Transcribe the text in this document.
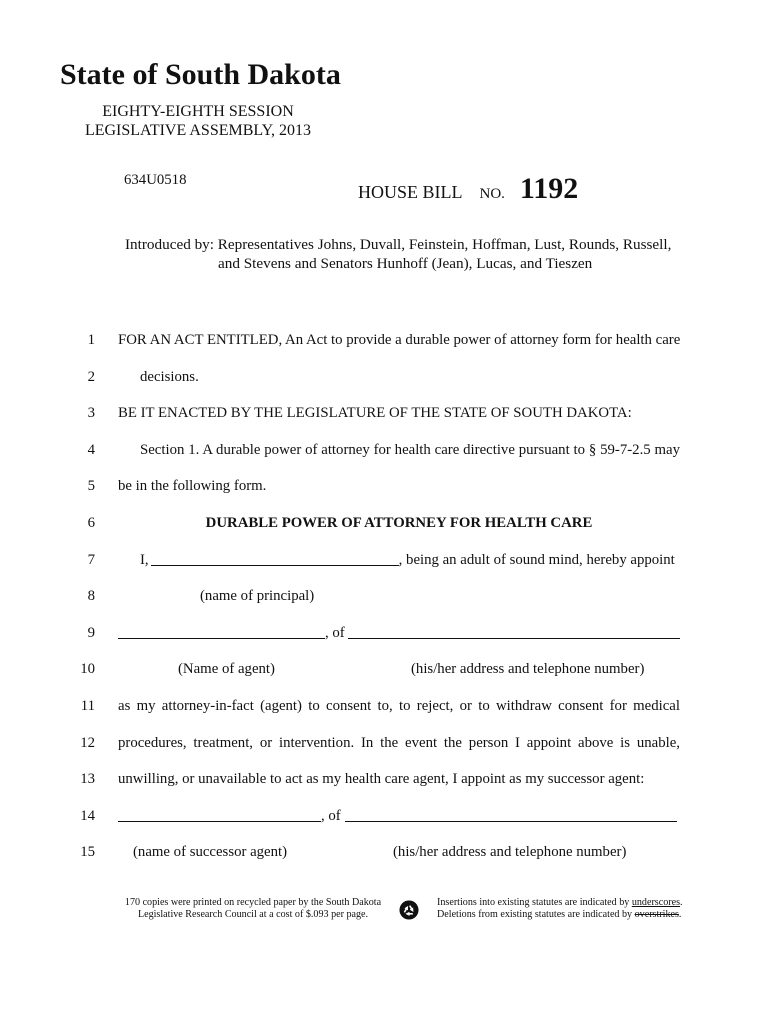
State of South Dakota
EIGHTY-EIGHTH SESSION
LEGISLATIVE ASSEMBLY, 2013
634U0518
HOUSE BILL NO. 1192
Introduced by: Representatives Johns, Duvall, Feinstein, Hoffman, Lust, Rounds, Russell,
and Stevens and Senators Hunhoff (Jean), Lucas, and Tieszen
1 FOR AN ACT ENTITLED, An Act to provide a durable power of attorney form for health care
2	decisions.
3 BE IT ENACTED BY THE LEGISLATURE OF THE STATE OF SOUTH DAKOTA:
4	Section 1. A durable power of attorney for health care directive pursuant to § 59-7-2.5 may
5 be in the following form.
6	DURABLE POWER OF ATTORNEY FOR HEALTH CARE
7	I,	, being an adult of sound mind, hereby appoint
8	(name of principal)
9	, of
10	(Name of agent)	(his/her address and telephone number)
11 as my attorney-in-fact (agent) to consent to, to reject, or to withdraw consent for medical
12 procedures, treatment, or intervention. In the event the person I appoint above is unable,
13 unwilling, or unavailable to act as my health care agent, I appoint as my successor agent:
14	, of
15	(name of successor agent)	(his/her address and telephone number)
170 copies were printed on recycled paper by the South Dakota
Legislative Research Council at a cost of $.093 per page.
Insertions into existing statutes are indicated by underscores.
Deletions from existing statutes are indicated by overstrikes.
